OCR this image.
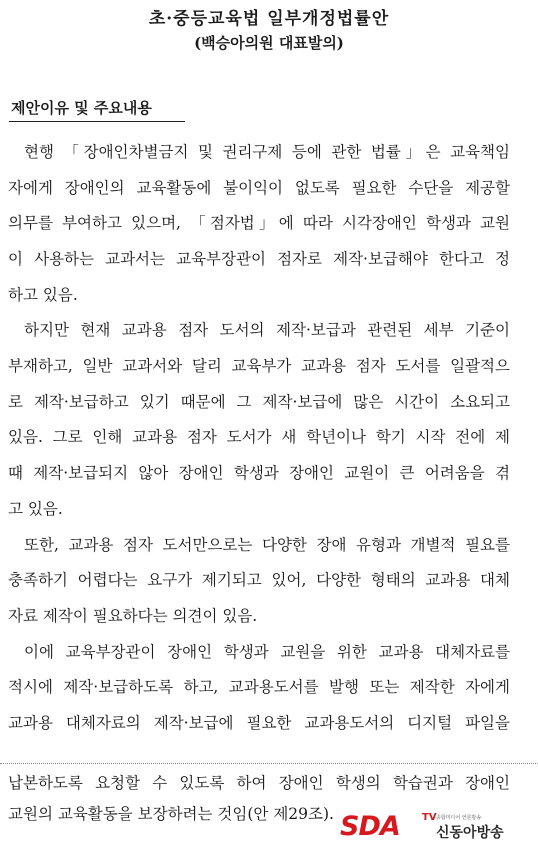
초·중등교육법 일부개정법률안
(백승아의원 대표발의)
제안이유 및 주요내용
현행 「장애인차별금지 및 권리구제 등에 관한 법률」은 교육책임
자에게 장애인의 교육활동에 불이익이 없도록 필요한 수단을 제공할
의무를 부여하고 있으며, 「점자법」에 따라 시각장애인 학생과 교원
이 사용하는 교과서는 교육부장관이 점자로 제작·보급해야 한다고 정
하고 있음.
하지만 현재 교과용 점자 도서의 제작·보급과 관련된 세부 기준이
부재하고, 일반 교과서와 달리 교육부가 교과용 점자 도서를 일괄적으
로 제작·보급하고 있기 때문에 그 제작·보급에 많은 시간이 소요되고
있음. 그로 인해 교과용 점자 도서가 새 학년이나 학기 시작 전에 제
때 제작·보급되지 않아 장애인 학생과 장애인 교원이 큰 어려움을 겪
고 있음.
또한, 교과용 점자 도서만으로는 다양한 장애 유형과 개별적 필요를
충족하기 어렵다는 요구가 제기되고 있어, 다양한 형태의 교과용 대체
자료 제작이 필요하다는 의견이 있음.
이에 교육부장관이 장애인 학생과 교원을 위한 교과용 대체자료를
적시에 제작·보급하도록 하고, 교과용도서를 발행 또는 제작한 자에게
교과용 대체자료의 제작·보급에 필요한 교과용도서의 디지털 파일을
납본하도록 요청할 수 있도록 하여 장애인 학생의 학습권과 장애인
교원의 교육활동을 보장하려는 것임(안 제29조). SDA TV 종합미디어 언론방송
신동아방송
